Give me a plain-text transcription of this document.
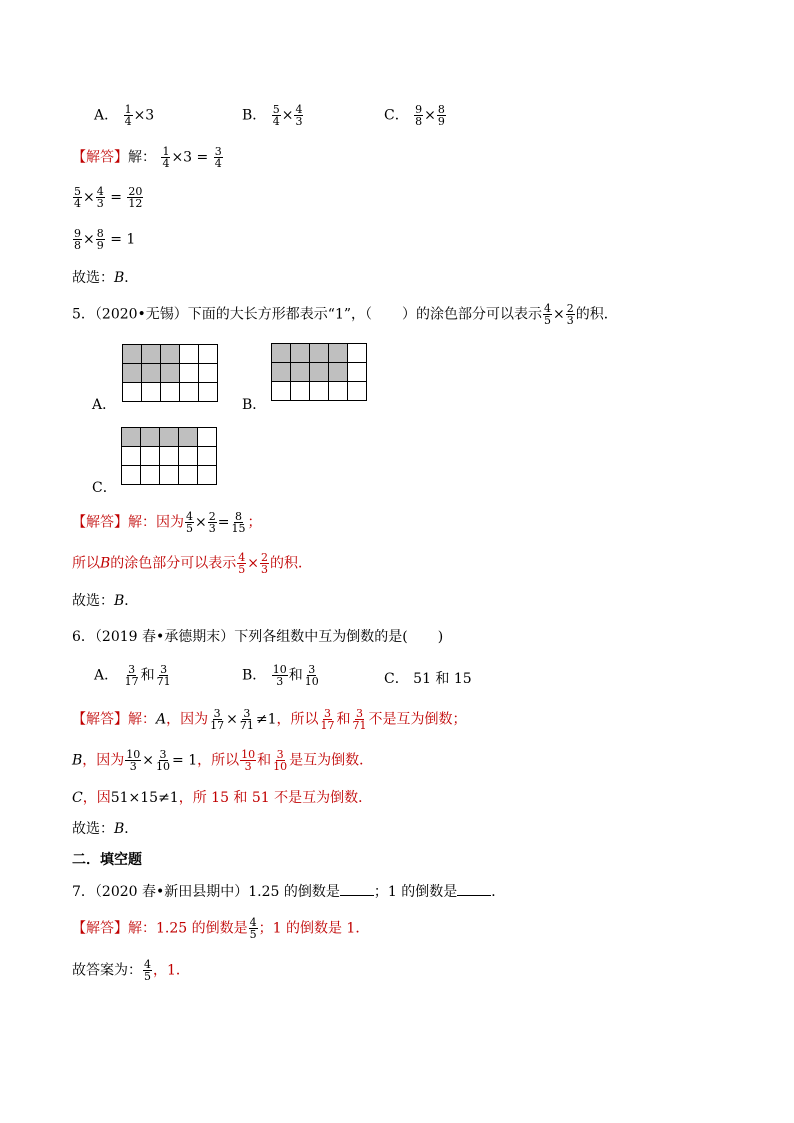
A． $\frac{1}{4} \times 3$	B． $\frac{5}{4} \times \frac{4}{3}$	C． $\frac{9}{8} \times \frac{8}{9}$
【解答】解： $\frac{1}{4} \times 3 = \frac{3}{4}$
$\frac{5}{4} \times \frac{4}{3} = \frac{20}{12}$
$\frac{9}{8} \times \frac{8}{9} = 1$
故选：B．
5．（2020•无锡）下面的大长方形都表示“1”，（ ）的涂色部分可以表示 $\frac{4}{5} \times \frac{2}{3}$ 的积．
A．

					B．

C．

【解答】解：因为 $\frac{4}{5} \times \frac{2}{3} = \frac{8}{15}$ ；
所以B的涂色部分可以表示 $\frac{4}{5} \times \frac{2}{3}$ 的积．
故选：B．
6．（2019 春•承德期末）下列各组数中互为倒数的是( )
A． $\frac{3}{17}$ 和 $\frac{3}{71}$	B． $\frac{10}{3}$ 和 $\frac{3}{10}$	C． 51 和 15
【解答】解：A，因为 $\frac{3}{17} \times \frac{3}{71} \ne 1$，所以 $\frac{3}{17}$ 和 $\frac{3}{71}$ 不是互为倒数；
B，因为 $\frac{10}{3} \times \frac{3}{10} = 1$，所以 $\frac{10}{3}$ 和 $\frac{3}{10}$ 是互为倒数．
C，因51×15≠1，所 15 和 51 不是互为倒数．
故选：B．
二．填空题
7．（2020 春•新田县期中）1.25 的倒数是 ；1 的倒数是 ．
【解答】解：1.25 的倒数是 $\frac{4}{5}$ ；1 的倒数是 1．
故答案为： $\frac{4}{5}$ ，1．
